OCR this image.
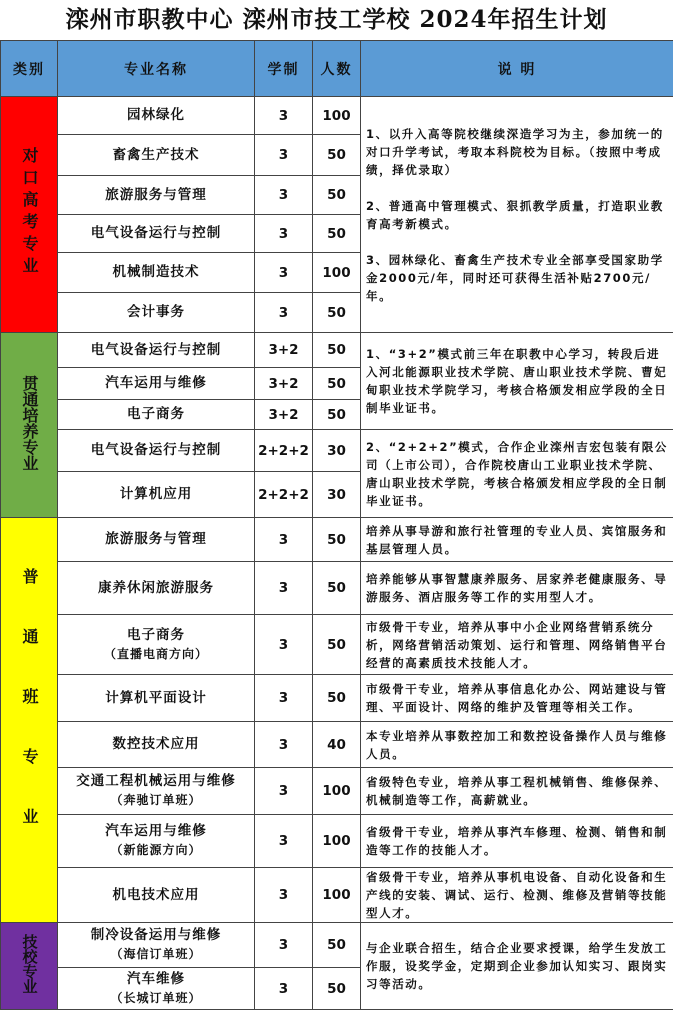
滦州市职教中心 滦州市技工学校 2024年招生计划
类别	专业名称	学制	人数	说 明
对口高考专业	园林绿化	3	100	1、以升入高等院校继续深造学习为主，参加统一的对口升学考试，考取本科院校为目标。（按照中考成绩，择优录取）

2、普通高中管理模式、狠抓教学质量，打造职业教育高考新模式。

3、园林绿化、畜禽生产技术专业全部享受国家助学金2000元/年，同时还可获得生活补贴2700元/年。
	畜禽生产技术	3	50	
	旅游服务与管理	3	50	
	电气设备运行与控制	3	50	
	机械制造技术	3	100	
	会计事务	3	50	
贯通培养专业	电气设备运行与控制	3+2	50	1、“3+2”模式前三年在职教中心学习，转段后进入河北能源职业技术学院、唐山职业技术学院、曹妃甸职业技术学院学习，考核合格颁发相应学段的全日制毕业证书。
	汽车运用与维修	3+2	50	
	电子商务	3+2	50	
	电气设备运行与控制	2+2+2	30	2、“2+2+2”模式，合作企业滦州吉宏包装有限公司（上市公司），合作院校唐山工业职业技术学院、唐山职业技术学院，考核合格颁发相应学段的全日制毕业证书。
	计算机应用	2+2+2	30	
普通班专业	旅游服务与管理	3	50	培养从事导游和旅行社管理的专业人员、宾馆服务和基层管理人员。
	康养休闲旅游服务	3	50	培养能够从事智慧康养服务、居家养老健康服务、导游服务、酒店服务等工作的实用型人才。
	电子商务
（直播电商方向）	3	50	市级骨干专业，培养从事中小企业网络营销系统分析，网络营销活动策划、运行和管理、网络销售平台经营的高素质技术技能人才。
	计算机平面设计	3	50	市级骨干专业，培养从事信息化办公、网站建设与管理、平面设计、网络的维护及管理等相关工作。
	数控技术应用	3	40	本专业培养从事数控加工和数控设备操作人员与维修人员。
	交通工程机械运用与维修
（奔驰订单班）	3	100	省级特色专业，培养从事工程机械销售、维修保养、机械制造等工作，高薪就业。
	汽车运用与维修
（新能源方向）	3	100	省级骨干专业，培养从事汽车修理、检测、销售和制造等工作的技能人才。
	机电技术应用	3	100	省级骨干专业，培养从事机电设备、自动化设备和生产线的安装、调试、运行、检测、维修及营销等技能型人才。
技校专业	制冷设备运用与维修
（海信订单班）	3	50	与企业联合招生，结合企业要求授课，给学生发放工作服，设奖学金，定期到企业参加认知实习、跟岗实习等活动。
	汽车维修
（长城订单班）	3	50	
